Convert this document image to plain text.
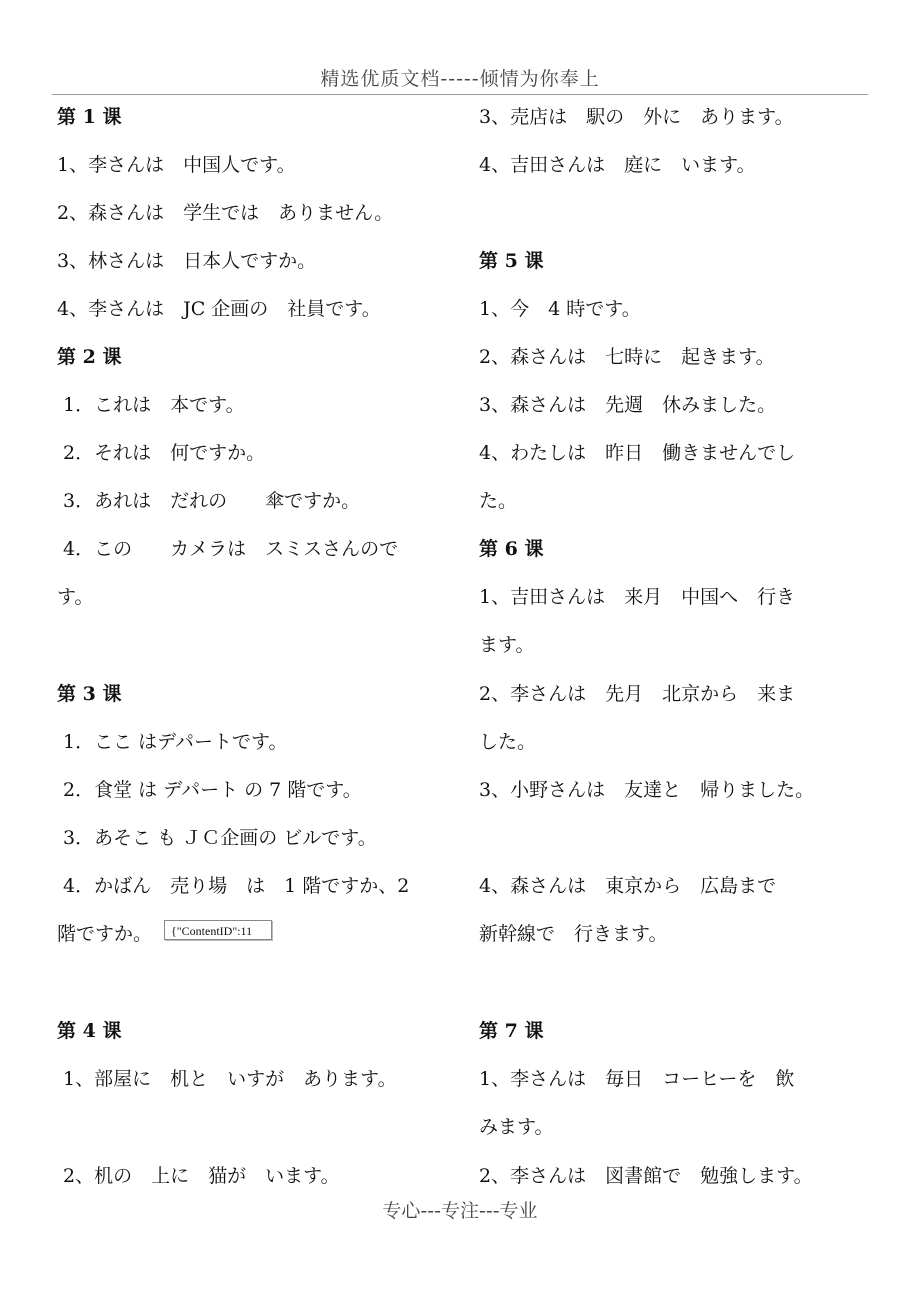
精选优质文档-----倾情为你奉上
第 1 课
1、李さんは　中国人です。
2、森さんは　学生では　ありません。
3、林さんは　日本人ですか。
4、李さんは　JC 企画の　社員です。
第 2 课
1．これは　本です。
2．それは　何ですか。
3．あれは　だれの　　傘ですか。
4．この　　カメラは　スミスさんので
す。
第 3 课
1．ここ はデパートです。
2．食堂 は デパート の 7 階です。
3．あそこ も ＪＣ企画の ビルです。
4．かばん　売り場　は　1 階ですか、2
階ですか。	{"ContentID":11
第 4 课
1、部屋に　机と　いすが　あります。
2、机の　上に　猫が　います。
3、売店は　駅の　外に　あります。
4、吉田さんは　庭に　います。
第 5 课
1、今　4 時です。
2、森さんは　七時に　起きます。
3、森さんは　先週　休みました。
4、わたしは　昨日　働きませんでし
た。
第 6 课
1、吉田さんは　来月　中国へ　行き
ます。
2、李さんは　先月　北京から　来ま
した。
3、小野さんは　友達と　帰りました。
4、森さんは　東京から　広島まで
新幹線で　行きます。
第 7 课
1、李さんは　毎日　コーヒーを　飲
みます。
2、李さんは　図書館で　勉強します。
专心---专注---专业
